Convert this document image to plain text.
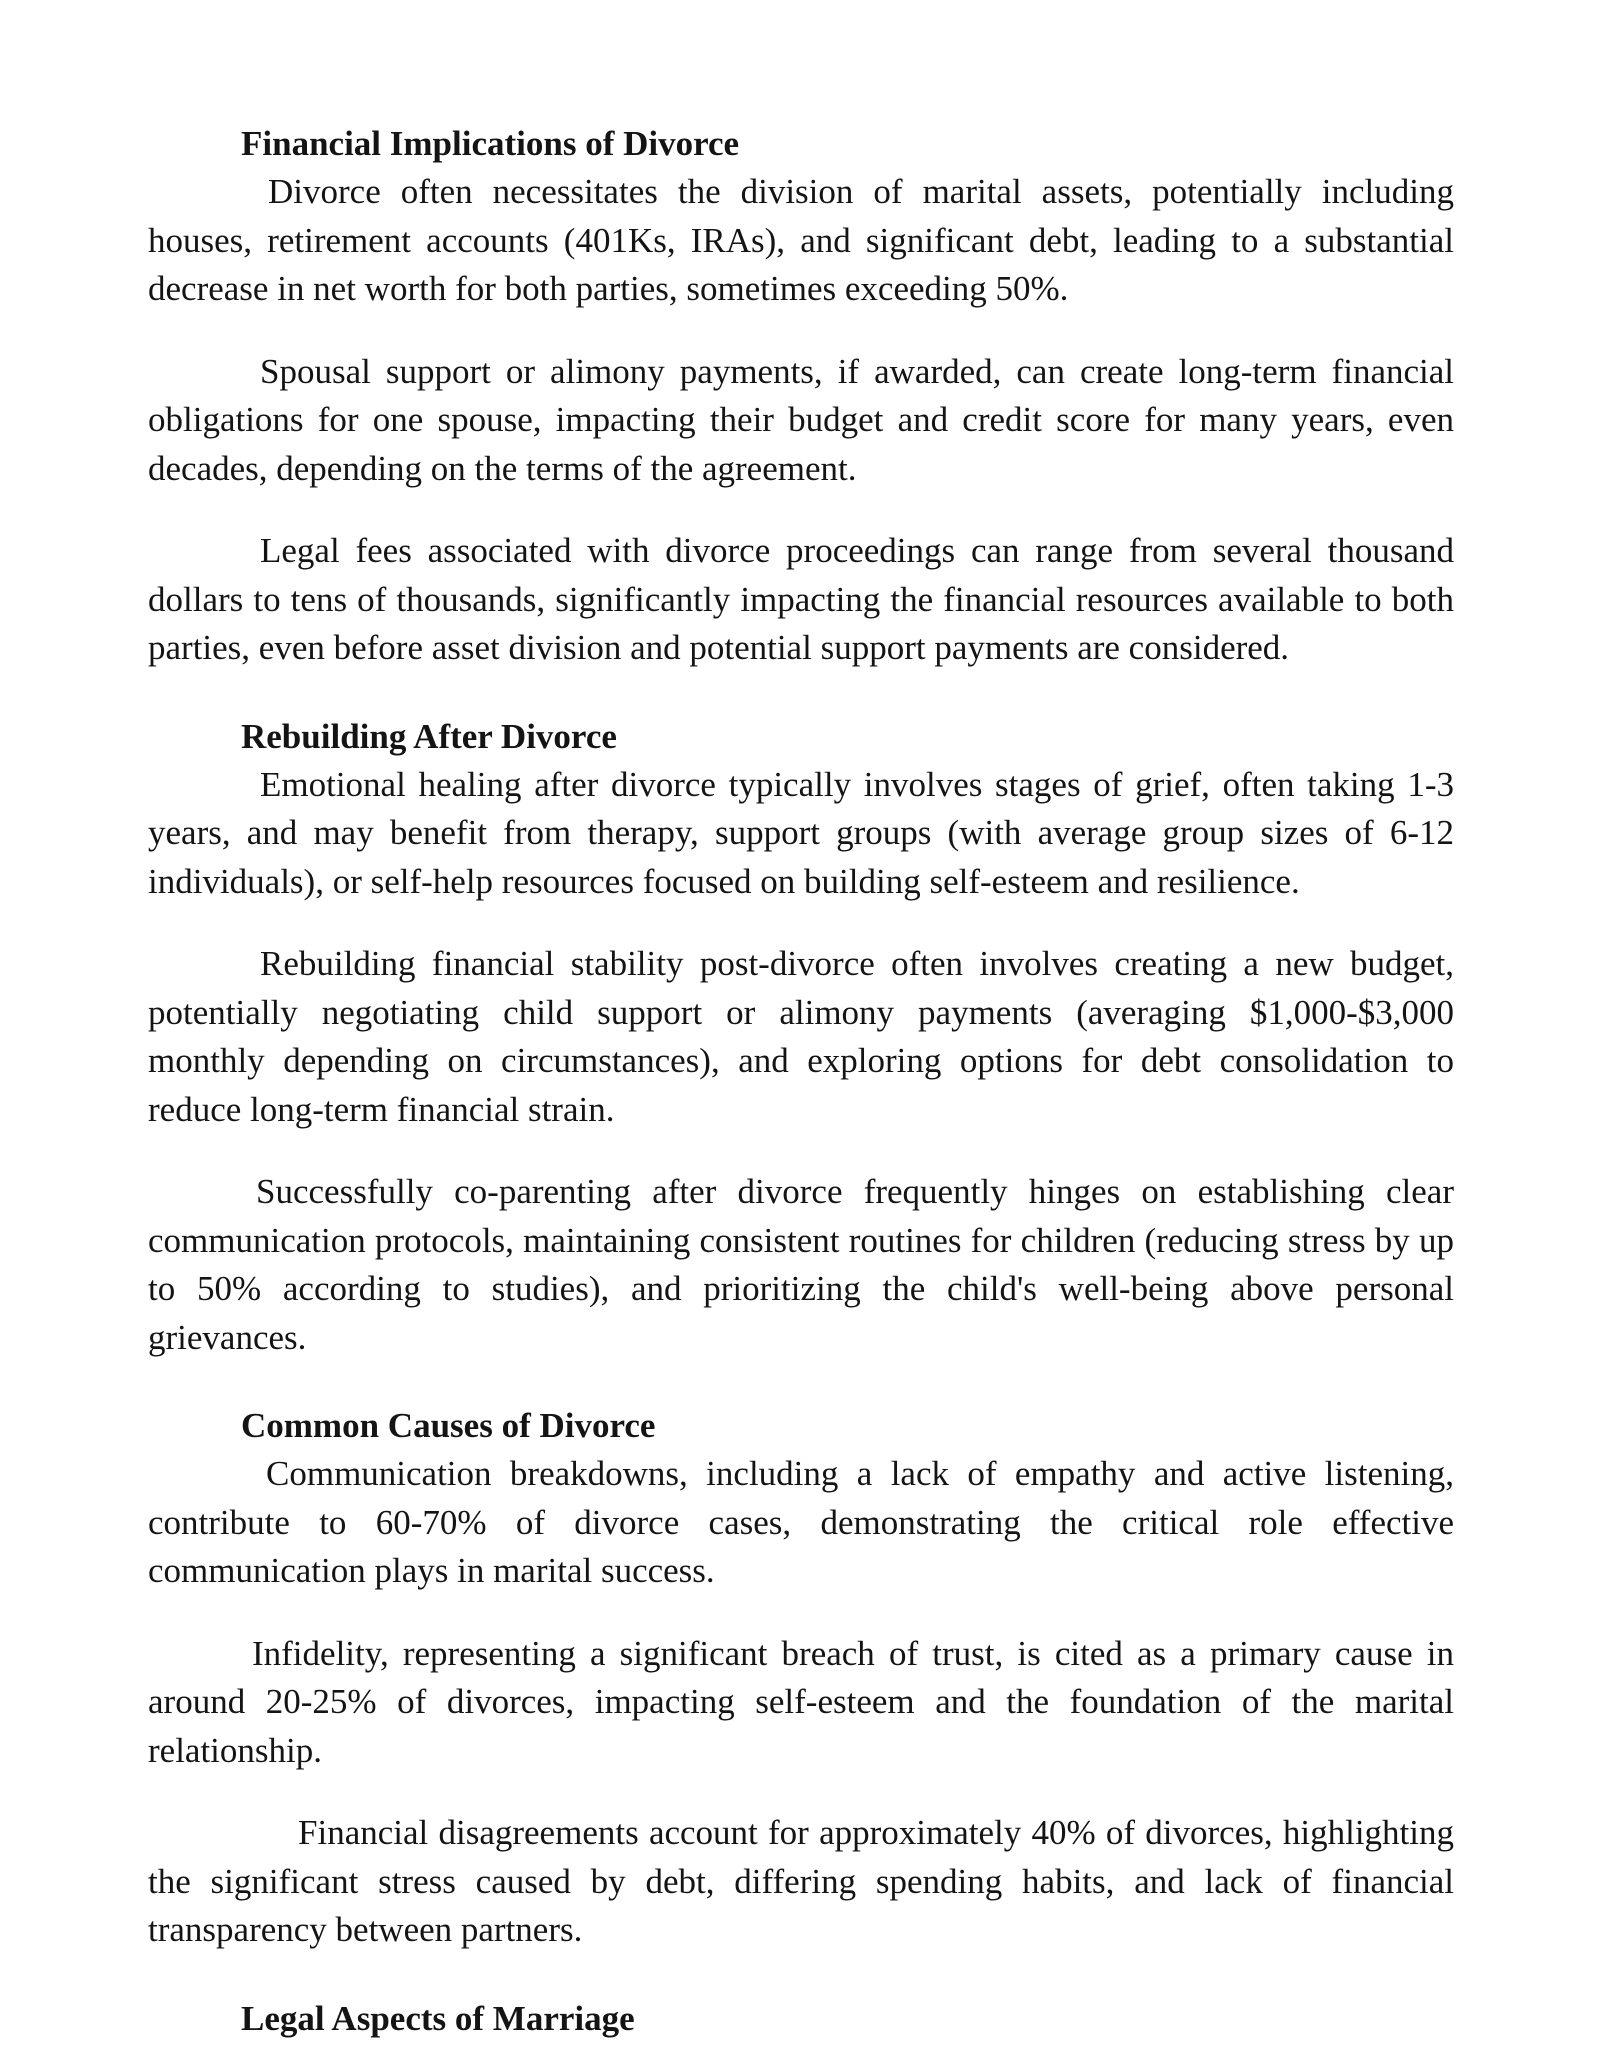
Financial Implications of Divorce

Divorce often necessitates the division of marital assets, potentially including houses, retirement accounts (401Ks, IRAs), and significant debt, leading to a substantial decrease in net worth for both parties, sometimes exceeding 50%.

Spousal support or alimony payments, if awarded, can create long-term financial obligations for one spouse, impacting their budget and credit score for many years, even decades, depending on the terms of the agreement.

Legal fees associated with divorce proceedings can range from several thousand dollars to tens of thousands, significantly impacting the financial resources available to both parties, even before asset division and potential support payments are considered.

Rebuilding After Divorce

Emotional healing after divorce typically involves stages of grief, often taking 1-3 years, and may benefit from therapy, support groups (with average group sizes of 6-12 individuals), or self-help resources focused on building self-esteem and resilience.

Rebuilding financial stability post-divorce often involves creating a new budget, potentially negotiating child support or alimony payments (averaging $1,000-$3,000 monthly depending on circumstances), and exploring options for debt consolidation to reduce long-term financial strain.

Successfully co-parenting after divorce frequently hinges on establishing clear communication protocols, maintaining consistent routines for children (reducing stress by up to 50% according to studies), and prioritizing the child's well-being above personal grievances.

Common Causes of Divorce

Communication breakdowns, including a lack of empathy and active listening, contribute to 60-70% of divorce cases, demonstrating the critical role effective communication plays in marital success.

Infidelity, representing a significant breach of trust, is cited as a primary cause in around 20-25% of divorces, impacting self-esteem and the foundation of the marital relationship.

Financial disagreements account for approximately 40% of divorces, highlighting the significant stress caused by debt, differing spending habits, and lack of financial transparency between partners.

Legal Aspects of Marriage
